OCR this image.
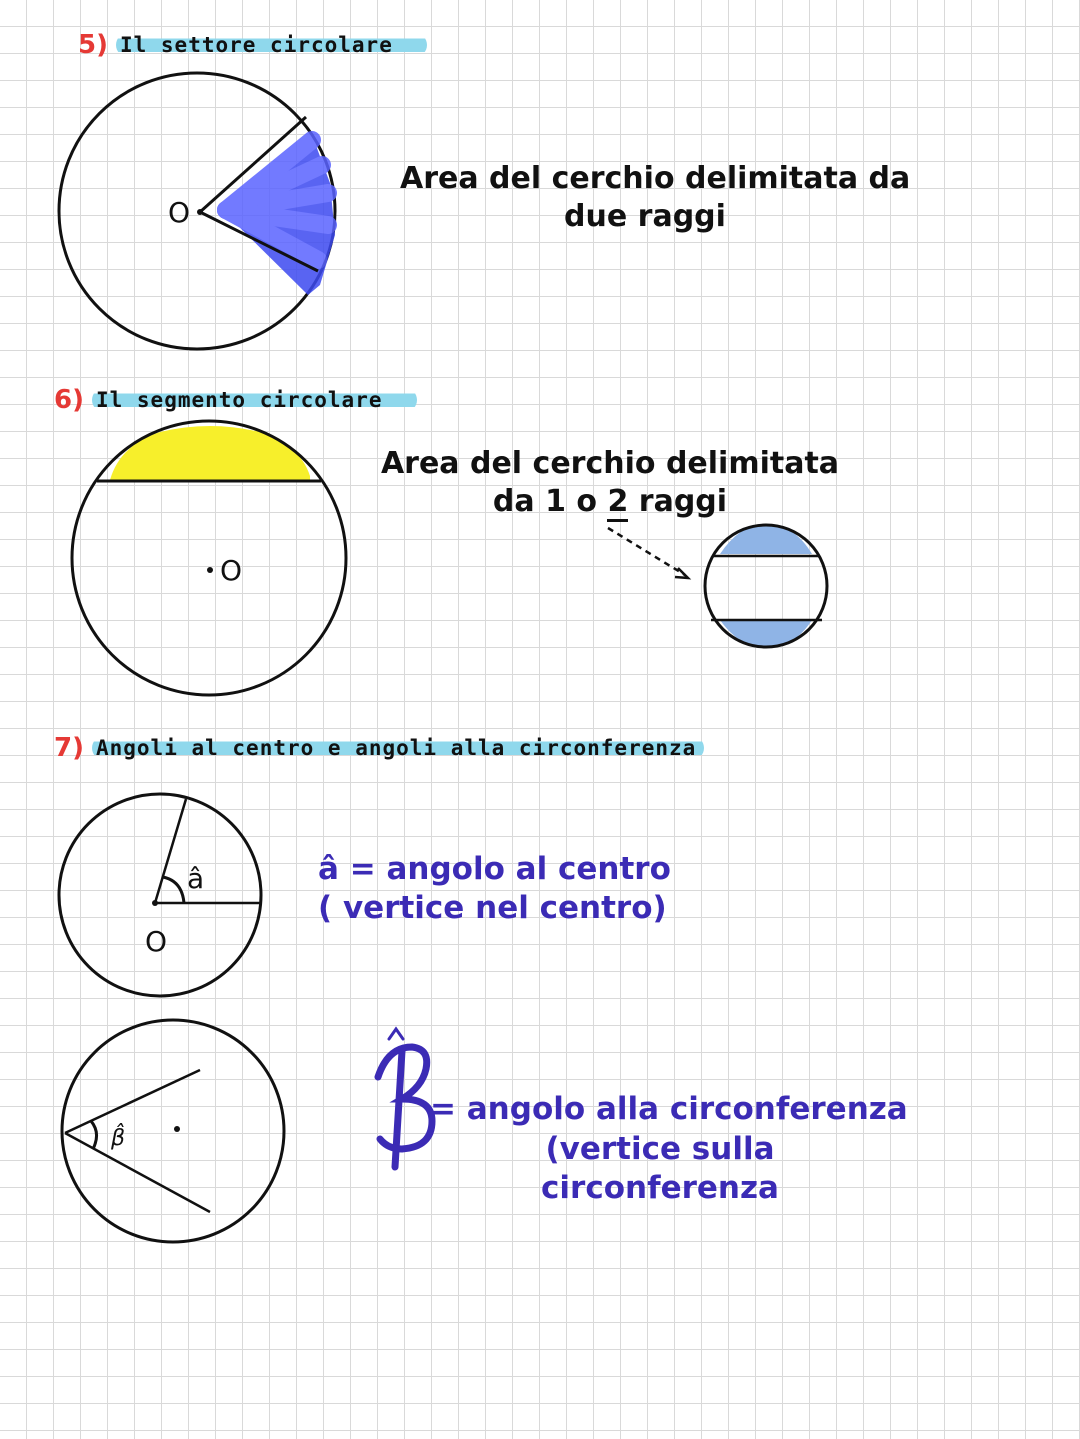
5) Il settore circolare
O
Area del cerchio delimitata da
due raggi
6) Il segmento circolare
O
Area del cerchio delimitata
da 1 o 2 raggi
7) Angoli al centro e angoli alla circonferenza
â
O
â = angolo al centro
( vertice nel centro)
β̂
= angolo alla circonferenza
(vertice sulla
circonferenza
